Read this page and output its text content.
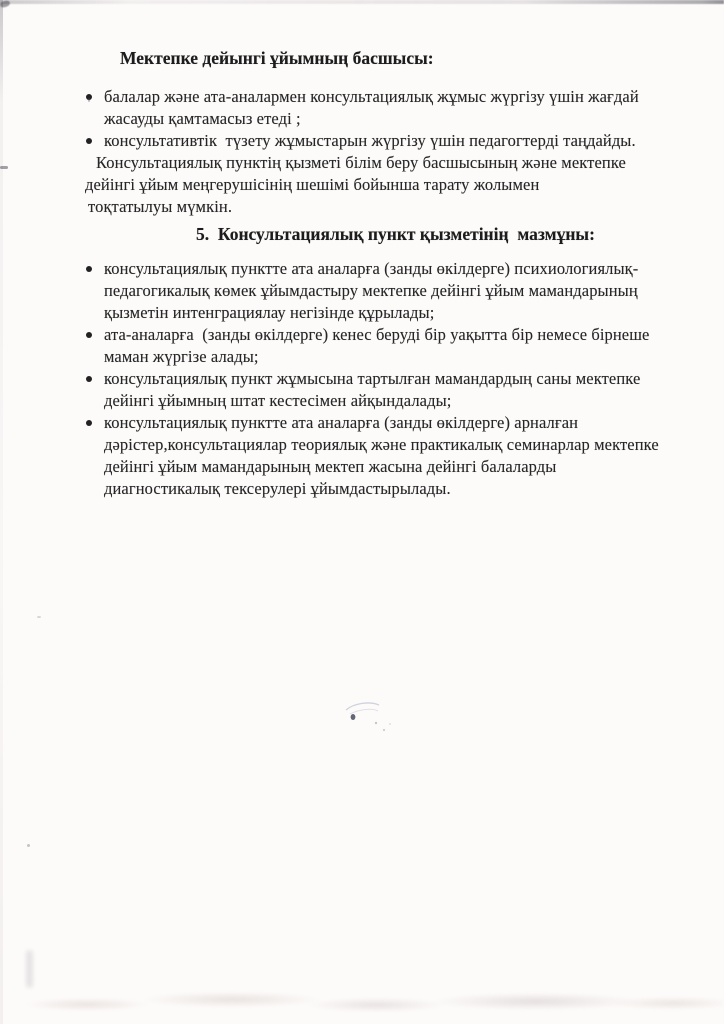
Мектепке дейынгі ұйымның басшысы:
балалар және ата-аналармен консультациялық жұмыс жүргізу үшін жағдай
жасауды қамтамасыз етеді ;
консультативтік  түзету жұмыстарын жүргізу үшін педагогтерді таңдайды.
Консультациялық пунктің қызметі білім беру басшысының және мектепке
дейінгі ұйым меңгерушісінің шешімі бойынша тарату жолымен
тоқтатылуы мүмкін.
5.  Консультациялық пункт қызметінің  мазмұны:
консультациялық пунктте ата аналарға (занды өкілдерге) психиологиялық-
педагогикалық көмек ұйымдастыру мектепке дейінгі ұйым мамандарының
қызметін интенграциялау негізінде құрылады;
ата-аналарға  (занды өкілдерге) кенес беруді бір уақытта бір немесе бірнеше
маман жүргізе алады;
консультациялық пункт жұмысына тартылған мамандардың саны мектепке
дейінгі ұйымның штат кестесімен айқындалады;
консультациялық пунктте ата аналарға (занды өкілдерге) арналған
дәрістер,консультациялар теориялық және практикалық семинарлар мектепке
дейінгі ұйым мамандарының мектеп жасына дейінгі балаларды
диагностикалық тексерулері ұйымдастырылады.
